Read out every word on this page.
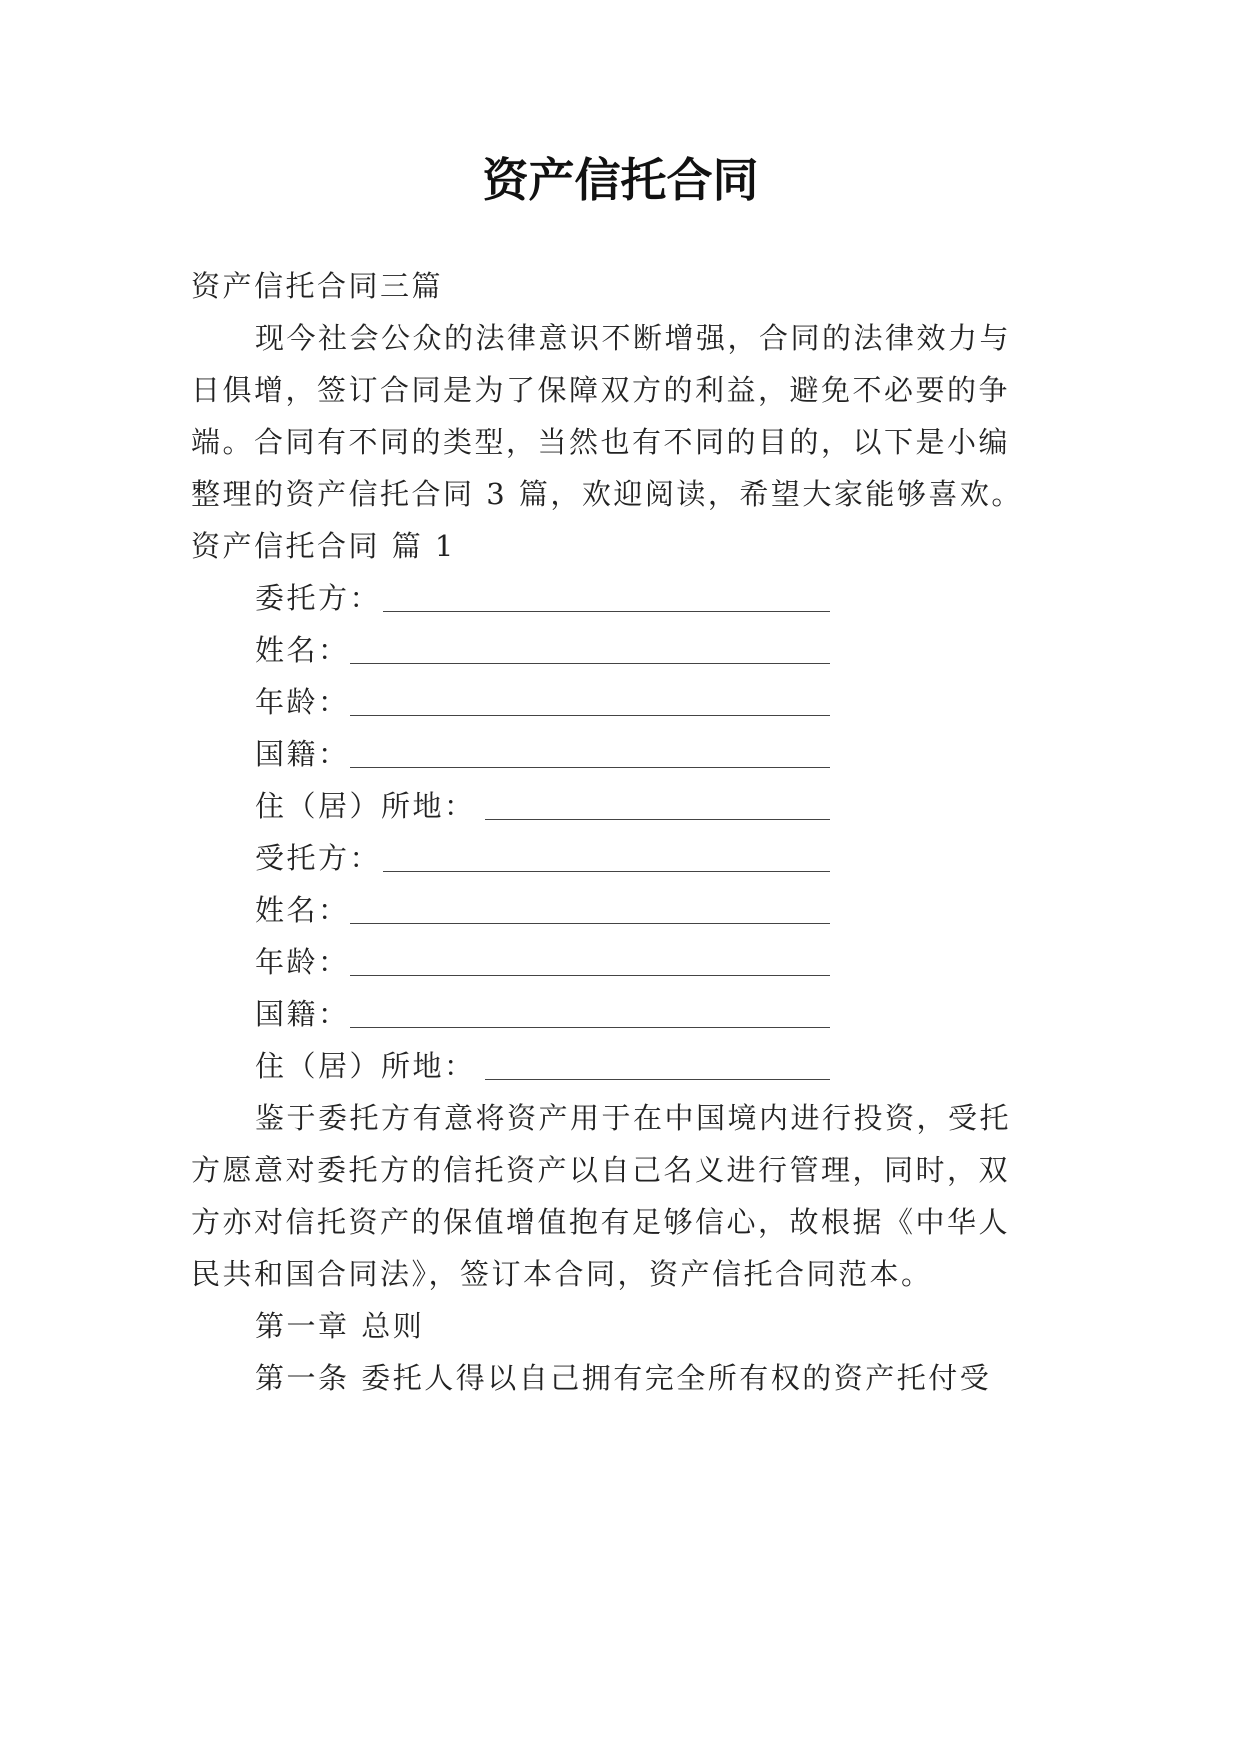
资产信托合同
资产信托合同三篇
现今社会公众的法律意识不断增强，合同的法律效力与
日俱增，签订合同是为了保障双方的利益，避免不必要的争
端。合同有不同的类型，当然也有不同的目的，以下是小编
整理的资产信托合同 3 篇，欢迎阅读，希望大家能够喜欢。
资产信托合同 篇 1
委托方：
姓名：
年龄：
国籍：
住（居）所地：
受托方：
姓名：
年龄：
国籍：
住（居）所地：
鉴于委托方有意将资产用于在中国境内进行投资，受托
方愿意对委托方的信托资产以自己名义进行管理，同时，双
方亦对信托资产的保值增值抱有足够信心，故根据《中华人
民共和国合同法》，签订本合同，资产信托合同范本。
第一章 总则
第一条 委托人得以自己拥有完全所有权的资产托付受
